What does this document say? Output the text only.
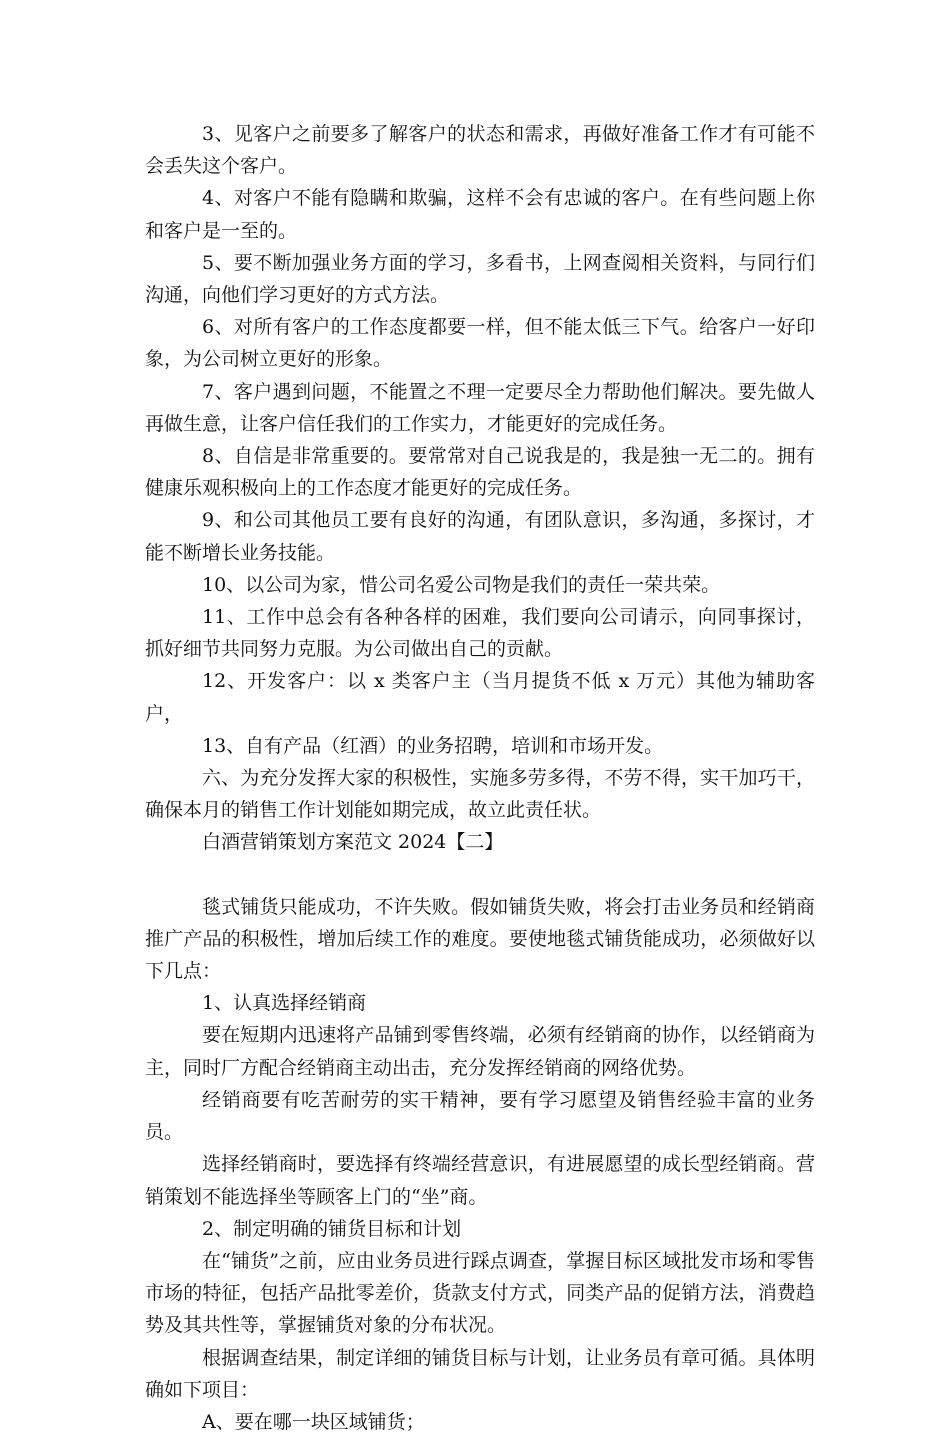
3、见客户之前要多了解客户的状态和需求，再做好准备工作才有可能不会丢失这个客户。

4、对客户不能有隐瞒和欺骗，这样不会有忠诚的客户。在有些问题上你和客户是一至的。

5、要不断加强业务方面的学习，多看书，上网查阅相关资料，与同行们沟通，向他们学习更好的方式方法。

6、对所有客户的工作态度都要一样，但不能太低三下气。给客户一好印象，为公司树立更好的形象。

7、客户遇到问题，不能置之不理一定要尽全力帮助他们解决。要先做人再做生意，让客户信任我们的工作实力，才能更好的完成任务。

8、自信是非常重要的。要常常对自己说我是的，我是独一无二的。拥有健康乐观积极向上的工作态度才能更好的完成任务。

9、和公司其他员工要有良好的沟通，有团队意识，多沟通，多探讨，才能不断增长业务技能。

10、以公司为家，惜公司名爱公司物是我们的责任一荣共荣。

11、工作中总会有各种各样的困难，我们要向公司请示，向同事探讨，抓好细节共同努力克服。为公司做出自己的贡献。

12、开发客户：以 x 类客户主（当月提货不低 x 万元）其他为辅助客户，

13、自有产品（红酒）的业务招聘，培训和市场开发。

六、为充分发挥大家的积极性，实施多劳多得，不劳不得，实干加巧干，确保本月的销售工作计划能如期完成，故立此责任状。

白酒营销策划方案范文 2024【二】

毯式铺货只能成功，不许失败。假如铺货失败，将会打击业务员和经销商推广产品的积极性，增加后续工作的难度。要使地毯式铺货能成功，必须做好以下几点：

1、认真选择经销商

要在短期内迅速将产品铺到零售终端，必须有经销商的协作，以经销商为主，同时厂方配合经销商主动出击，充分发挥经销商的网络优势。

经销商要有吃苦耐劳的实干精神，要有学习愿望及销售经验丰富的业务员。

选择经销商时，要选择有终端经营意识，有进展愿望的成长型经销商。营销策划不能选择坐等顾客上门的“坐”商。

2、制定明确的铺货目标和计划

在“铺货”之前，应由业务员进行踩点调查，掌握目标区域批发市场和零售市场的特征，包括产品批零差价，货款支付方式，同类产品的促销方法，消费趋势及其共性等，掌握铺货对象的分布状况。

根据调查结果，制定详细的铺货目标与计划，让业务员有章可循。具体明确如下项目：

A、要在哪一块区域铺货；
